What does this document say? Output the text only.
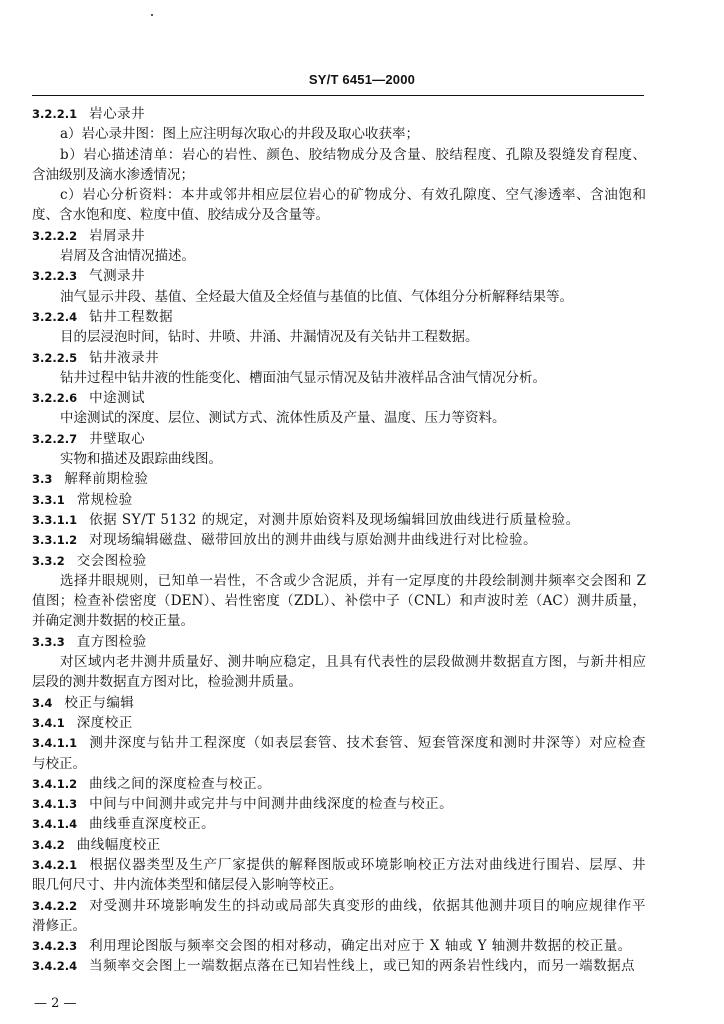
SY/T 6451—2000
3.2.2.1 岩心录井
a）岩心录井图：图上应注明每次取心的井段及取心收获率；
b）岩心描述清单：岩心的岩性、颜色、胶结物成分及含量、胶结程度、孔隙及裂缝发育程度、
含油级别及滴水渗透情况；
c）岩心分析资料：本井或邻井相应层位岩心的矿物成分、有效孔隙度、空气渗透率、含油饱和
度、含水饱和度、粒度中值、胶结成分及含量等。
3.2.2.2 岩屑录井
岩屑及含油情况描述。
3.2.2.3 气测录井
油气显示井段、基值、全烃最大值及全烃值与基值的比值、气体组分分析解释结果等。
3.2.2.4 钻井工程数据
目的层浸泡时间，钻时、井喷、井涌、井漏情况及有关钻井工程数据。
3.2.2.5 钻井液录井
钻井过程中钻井液的性能变化、槽面油气显示情况及钻井液样品含油气情况分析。
3.2.2.6 中途测试
中途测试的深度、层位、测试方式、流体性质及产量、温度、压力等资料。
3.2.2.7 井壁取心
实物和描述及跟踪曲线图。
3.3 解释前期检验
3.3.1 常规检验
3.3.1.1 依据 SY/T 5132 的规定，对测井原始资料及现场编辑回放曲线进行质量检验。
3.3.1.2 对现场编辑磁盘、磁带回放出的测井曲线与原始测井曲线进行对比检验。
3.3.2 交会图检验
选择井眼规则，已知单一岩性，不含或少含泥质，并有一定厚度的井段绘制测井频率交会图和 Z
值图；检查补偿密度（DEN）、岩性密度（ZDL）、补偿中子（CNL）和声波时差（AC）测井质量，
并确定测井数据的校正量。
3.3.3 直方图检验
对区域内老井测井质量好、测井响应稳定，且具有代表性的层段做测井数据直方图，与新井相应
层段的测井数据直方图对比，检验测井质量。
3.4 校正与编辑
3.4.1 深度校正
3.4.1.1 测井深度与钻井工程深度（如表层套管、技术套管、短套管深度和测时井深等）对应检查
与校正。
3.4.1.2 曲线之间的深度检查与校正。
3.4.1.3 中间与中间测井或完井与中间测井曲线深度的检查与校正。
3.4.1.4 曲线垂直深度校正。
3.4.2 曲线幅度校正
3.4.2.1 根据仪器类型及生产厂家提供的解释图版或环境影响校正方法对曲线进行围岩、层厚、井
眼几何尺寸、井内流体类型和储层侵入影响等校正。
3.4.2.2 对受测井环境影响发生的抖动或局部失真变形的曲线，依据其他测井项目的响应规律作平
滑修正。
3.4.2.3 利用理论图版与频率交会图的相对移动，确定出对应于 X 轴或 Y 轴测井数据的校正量。
3.4.2.4 当频率交会图上一端数据点落在已知岩性线上，或已知的两条岩性线内，而另一端数据点
— 2 —
